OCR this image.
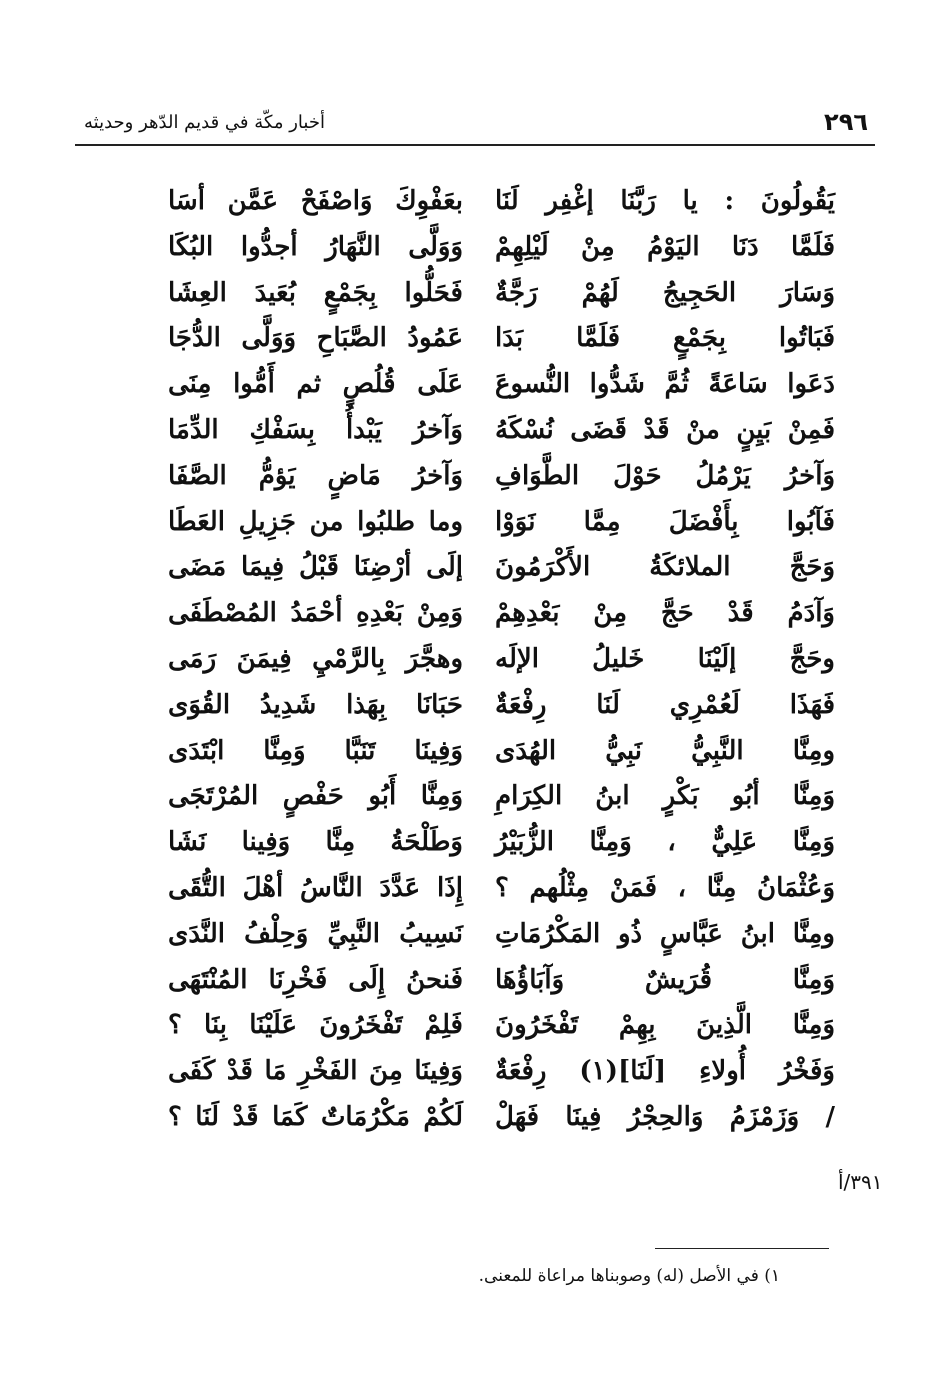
٢٩٦
أخبار مكّة في قديم الدّهر وحديثه
يَقُولُونَ : يا رَبَّنَا إغْفِر لَنَا
بعَفْوِكَ وَاصْفَحْ عَمَّن أسَا
فَلَمَّا دَنَا اليَوْمُ مِنْ لَيْلِهِمْ
وَوَلَّى النَّهَارُ أجدُّوا البُكَا
وَسَارَ الحَجِيجُ لَهُمْ رَجَّةٌ
فَحَلُّوا بِجَمْعٍ بُعَيدَ العِشَا
فَبَاتُوا بِجَمْعٍ فَلَمَّا بَدَا
عَمُودُ الصَّبَاحِ وَوَلَّى الدُّجَا
دَعَوا سَاعَةً ثُمَّ شَدُّوا النُّسوعَ
عَلَى قُلُصٍ ثم أَمُّوا مِنَى
فَمِنْ بَيِنٍ منْ قَدْ قَضَى نُسْكَهُ
وَآخرُ يَبْدأُ بِسَفْكِ الدِّمَا
وَآخرُ يَرْمُلُ حَوْلَ الطَّوَافِ
وَآخرُ مَاضٍ يَؤمُّ الصَّفَا
فَآبُوا بِأَفْضَلَ مِمَّا نَوَوْا
وما طلبُوا من جَزِيلِ العَطَا
وَحَجَّ الملائكَةُ الأَكْرَمُونَ
إلَى أرْضِنَا قَبْلُ فِيمَا مَضَى
وَآدَمُ قَدْ حَجَّ مِنْ بَعْدِهِمْ
وَمِنْ بَعْدِهِ أحْمَدُ المُصْطَفَى
وحَجَّ إلَيْنَا خَليلُ الإلَه
وهجَّرَ بِالرَّمْيِ فِيمَنَ رَمَى
فَهَذَا لَعُمْرِي لَنَا رِفْعَةٌ
حَبَانَا بِهَذا شَدِيدُ القُوَى
ومِنَّا النَّبِيُّ نَبِيُّ الهُدَى
وَفِينَا تَنَبَّا وَمِنَّا ابْتَدَى
وَمِنَّا أبُو بَكْرٍ ابنُ الكِرَامِ
وَمِنَّا أَبُو حَفْصٍ المُرْتَجَى
وَمِنَّا عَلِيٌّ ، وَمِنَّا الزُّبَيْرُ
وَطَلْحَةُ مِنَّا وَفِينا نَشَا
وَعُثْمَانُ مِنَّا ، فَمَنْ مِثْلُهم ؟
إِذَا عَدَّدَ النَّاسُ أهْلَ التُّقَى
ومِنَّا ابنُ عَبَّاسٍ ذُو المَكْرُمَاتِ
نَسِيبُ النَّبِيِّ وَحِلْفُ النَّدَى
وَمِنَّا قُرَيشٌ وَآبَاؤُهَا
فَنحنُ إِلَى فَخْرِنَا المُنْتَهَى
وَمِنَّا الَّذِينَ بِهِمْ تَفْخَرُونَ
فَلِمْ تَفْخَرُونَ عَلَيْنَا بِنَا ؟
وَفَخْرُ أُولاءِ [لَنَا](١) رِفْعَةٌ
وَفِينَا مِنَ الفَخْرِ مَا قَدْ كَفَى
/ وَزَمْزَمُ وَالحِجْرُ فِينَا فَهَلْ
لَكُمْ مَكْرُمَاتٌ كَمَا قَدْ لَنَا ؟
٣٩١/أ
١) في الأصل (له) وصوبناها مراعاة للمعنى.
